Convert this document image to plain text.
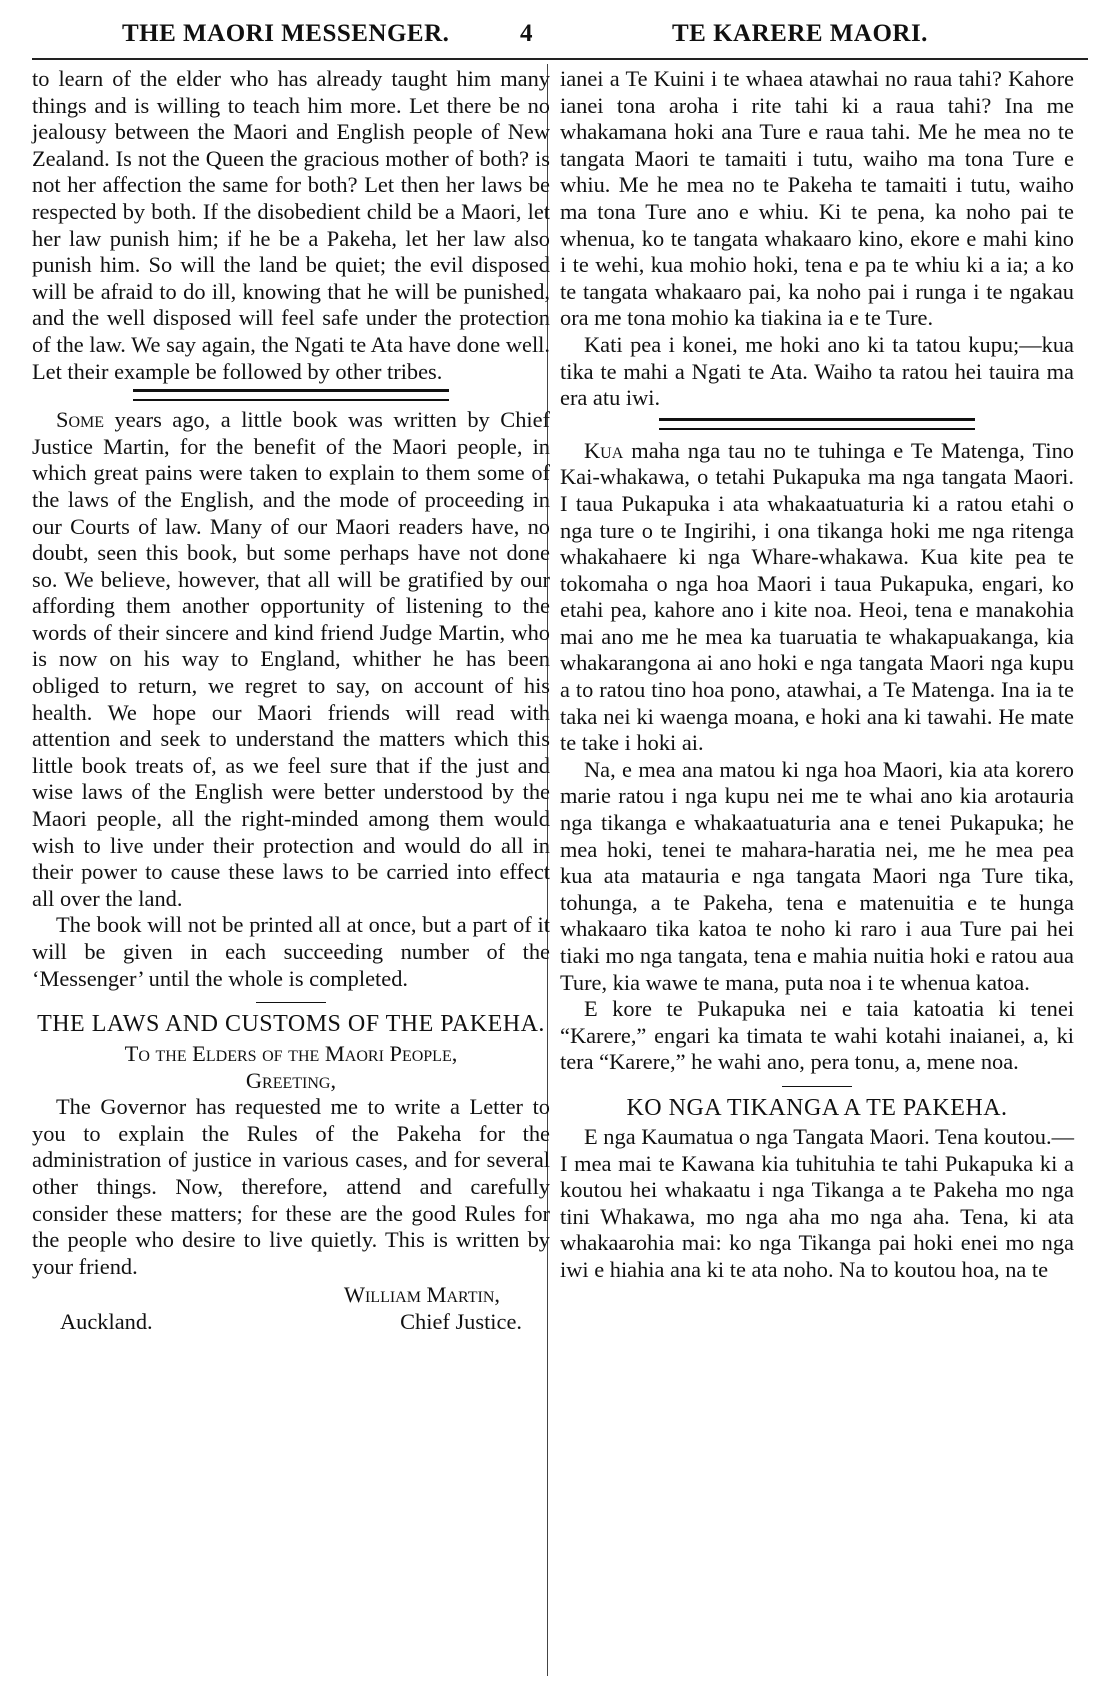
THE MAORI MESSENGER.	4	TE KARERE MAORI.

to learn of the elder who has already taught him many things and is willing to teach him more. Let there be no jealousy between the Maori and English people of New Zealand. Is not the Queen the gracious mother of both? is not her affection the same for both? Let then her laws be respected by both. If the disobedient child be a Maori, let her law punish him; if he be a Pakeha, let her law also punish him. So will the land be quiet; the evil disposed will be afraid to do ill, knowing that he will be punished, and the well disposed will feel safe under the protection of the law. We say again, the Ngati te Ata have done well. Let their example be followed by other tribes.

Some years ago, a little book was written by Chief Justice Martin, for the benefit of the Maori people, in which great pains were taken to explain to them some of the laws of the English, and the mode of proceeding in our Courts of law. Many of our Maori readers have, no doubt, seen this book, but some perhaps have not done so. We believe, however, that all will be gratified by our affording them another opportunity of listening to the words of their sincere and kind friend Judge Martin, who is now on his way to England, whither he has been obliged to return, we regret to say, on account of his health. We hope our Maori friends will read with attention and seek to understand the matters which this little book treats of, as we feel sure that if the just and wise laws of the English were better understood by the Maori people, all the right-minded among them would wish to live under their protection and would do all in their power to cause these laws to be carried into effect all over the land.

The book will not be printed all at once, but a part of it will be given in each succeeding number of the ‘Messenger’ until the whole is completed.

THE LAWS AND CUSTOMS OF THE PAKEHA.
To the Elders of the Maori People,
Greeting,

The Governor has requested me to write a Letter to you to explain the Rules of the Pakeha for the administration of justice in various cases, and for several other things. Now, therefore, attend and carefully consider these matters; for these are the good Rules for the people who desire to live quietly. This is written by your friend.

William Martin,
Auckland.	Chief Justice.

ianei a Te Kuini i te whaea atawhai no raua tahi? Kahore ianei tona aroha i rite tahi ki a raua tahi? Ina me whakamana hoki ana Ture e raua tahi. Me he mea no te tangata Maori te tamaiti i tutu, waiho ma tona Ture e whiu. Me he mea no te Pakeha te tamaiti i tutu, waiho ma tona Ture ano e whiu. Ki te pena, ka noho pai te whenua, ko te tangata whakaaro kino, ekore e mahi kino i te wehi, kua mohio hoki, tena e pa te whiu ki a ia; a ko te tangata whakaaro pai, ka noho pai i runga i te ngakau ora me tona mohio ka tiakina ia e te Ture.

Kati pea i konei, me hoki ano ki ta tatou kupu;—kua tika te mahi a Ngati te Ata. Waiho ta ratou hei tauira ma era atu iwi.

Kua maha nga tau no te tuhinga e Te Matenga, Tino Kai-whakawa, o tetahi Pukapuka ma nga tangata Maori. I taua Pukapuka i ata whakaatuaturia ki a ratou etahi o nga ture o te Ingirihi, i ona tikanga hoki me nga ritenga whakahaere ki nga Whare-whakawa. Kua kite pea te tokomaha o nga hoa Maori i taua Pukapuka, engari, ko etahi pea, kahore ano i kite noa. Heoi, tena e manakohia mai ano me he mea ka tuaruatia te whakapuakanga, kia whakarangona ai ano hoki e nga tangata Maori nga kupu a to ratou tino hoa pono, atawhai, a Te Matenga. Ina ia te taka nei ki waenga moana, e hoki ana ki tawahi. He mate te take i hoki ai.

Na, e mea ana matou ki nga hoa Maori, kia ata korero marie ratou i nga kupu nei me te whai ano kia arotauria nga tikanga e whakaatuaturia ana e tenei Pukapuka; he mea hoki, tenei te mahara-haratia nei, me he mea pea kua ata matauria e nga tangata Maori nga Ture tika, tohunga, a te Pakeha, tena e matenuitia e te hunga whakaaro tika katoa te noho ki raro i aua Ture pai hei tiaki mo nga tangata, tena e mahia nuitia hoki e ratou aua Ture, kia wawe te mana, puta noa i te whenua katoa.

E kore te Pukapuka nei e taia katoatia ki tenei “Karere,” engari ka timata te wahi kotahi inaianei, a, ki tera “Karere,” he wahi ano, pera tonu, a, mene noa.

KO NGA TIKANGA A TE PAKEHA.

E nga Kaumatua o nga Tangata Maori. Tena koutou.—I mea mai te Kawana kia tuhituhia te tahi Pukapuka ki a koutou hei whakaatu i nga Tikanga a te Pakeha mo nga tini Whakawa, mo nga aha mo nga aha. Tena, ki ata whakaarohia mai: ko nga Tikanga pai hoki enei mo nga iwi e hiahia ana ki te ata noho. Na to koutou hoa, na te
